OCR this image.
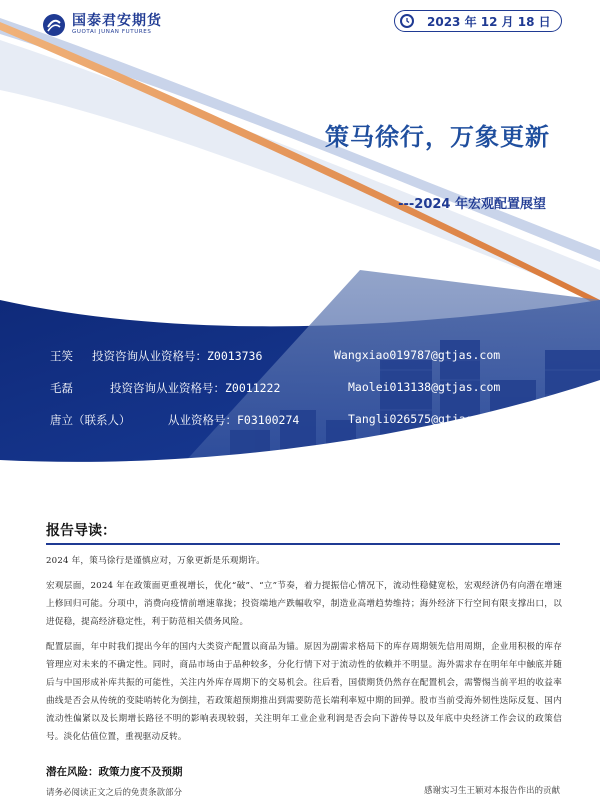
国泰君安期货
GUOTAI JUNAN FUTURES
2023 年 12 月 18 日
策马徐行，万象更新
---2024 年宏观配置展望
王笑 投资咨询从业资格号：Z0013736	Wangxiao019787@gtjas.com
毛磊	投资咨询从业资格号：Z0011222	Maolei013138@gtjas.com
唐立（联系人）	从业资格号：F03100274	Tangli026575@gtjas.com
报告导读：
2024 年，策马徐行是谨慎应对，万象更新是乐观期许。
宏观层面，2024 年在政策面更重视增长，优化“破”、“立”节奏，着力提振信心情况下，流动性稳健宽松，宏观经济仍有向潜在增速上修回归可能。分项中，消费向疫情前增速靠拢；投资端地产跌幅收窄，制造业高增趋势维持；海外经济下行空间有限支撑出口，以进促稳，提高经济稳定性，利于防范相关债务风险。
配置层面，年中时我们提出今年的国内大类资产配置以商品为锚。原因为副需求格局下的库存周期领先信用周期，企业用积极的库存管理应对未来的不确定性。同时，商品市场由于品种较多，分化行情下对于流动性的依赖并不明显。海外需求存在明年年中触底并随后与中国形成补库共振的可能性，关注内外库存周期下的交易机会。往后看，国债期货仍然存在配置机会，需警惕当前平坦的收益率曲线是否会从传统的变陡哨转化为倒挂，若政策超预期推出到需要防范长端利率短中期的回弹。股市当前受海外韧性迭际反复、国内流动性偏紧以及长期增长路径不明的影响表现较弱，关注明年工业企业利润是否会向下游传导以及年底中央经济工作会议的政策信号。淡化估值位置，重视驱动反转。
潜在风险：政策力度不及预期
请务必阅读正文之后的免责条款部分	感谢实习生王颖对本报告作出的贡献
